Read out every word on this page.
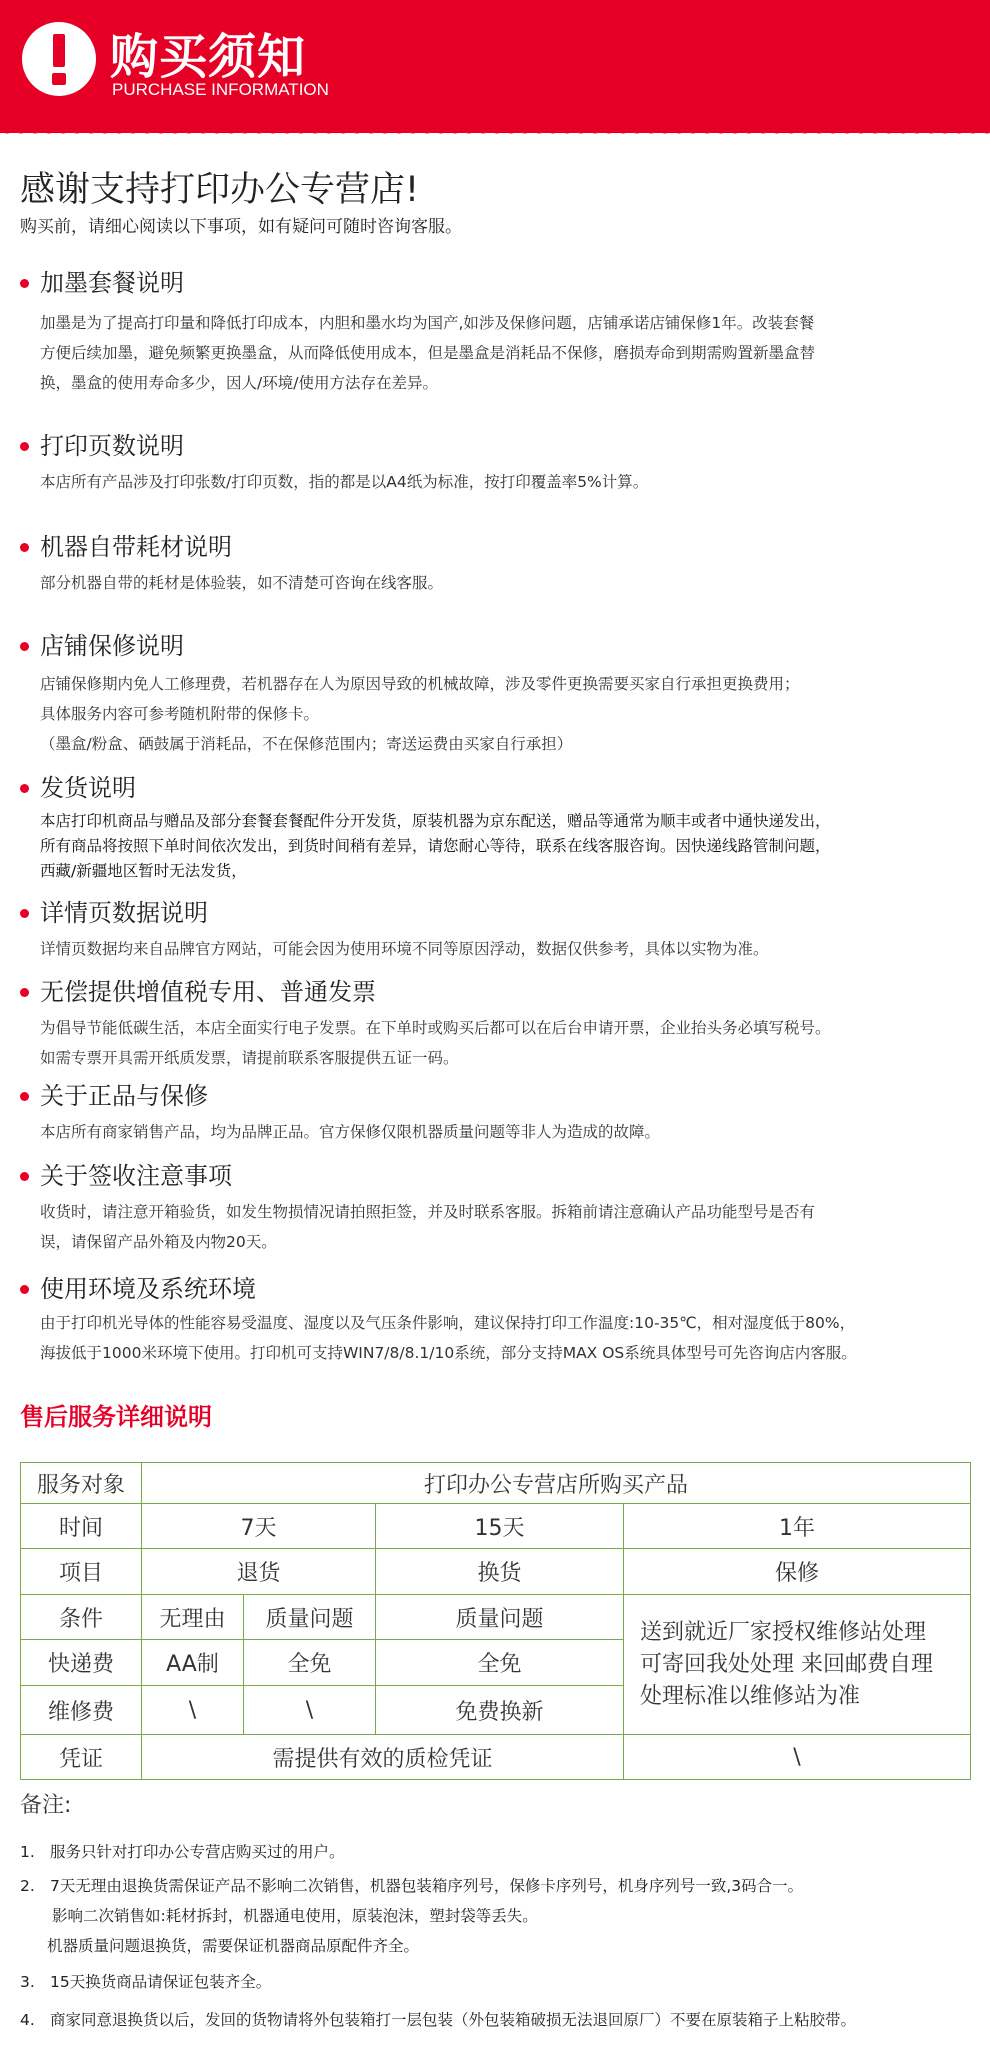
购买须知
PURCHASE INFORMATION
感谢支持打印办公专营店!
购买前，请细心阅读以下事项，如有疑问可随时咨询客服。
加墨套餐说明
加墨是为了提高打印量和降低打印成本，内胆和墨水均为国产,如涉及保修问题，店铺承诺店铺保修1年。改装套餐
方便后续加墨，避免频繁更换墨盒，从而降低使用成本，但是墨盒是消耗品不保修，磨损寿命到期需购置新墨盒替
换，墨盒的使用寿命多少，因人/环境/使用方法存在差异。
打印页数说明
本店所有产品涉及打印张数/打印页数，指的都是以A4纸为标准，按打印覆盖率5%计算。
机器自带耗材说明
部分机器自带的耗材是体验装，如不清楚可咨询在线客服。
店铺保修说明
店铺保修期内免人工修理费，若机器存在人为原因导致的机械故障，涉及零件更换需要买家自行承担更换费用；
具体服务内容可参考随机附带的保修卡。
（墨盒/粉盒、硒鼓属于消耗品，不在保修范围内；寄送运费由买家自行承担）
发货说明
本店打印机商品与赠品及部分套餐套餐配件分开发货，原装机器为京东配送，赠品等通常为顺丰或者中通快递发出，
所有商品将按照下单时间依次发出，到货时间稍有差异，请您耐心等待，联系在线客服咨询。因快递线路管制问题，
西藏/新疆地区暂时无法发货，
详情页数据说明
详情页数据均来自品牌官方网站，可能会因为使用环境不同等原因浮动，数据仅供参考，具体以实物为准。
无偿提供增值税专用、普通发票
为倡导节能低碳生活，本店全面实行电子发票。在下单时或购买后都可以在后台申请开票，企业抬头务必填写税号。
如需专票开具需开纸质发票，请提前联系客服提供五证一码。
关于正品与保修
本店所有商家销售产品，均为品牌正品。官方保修仅限机器质量问题等非人为造成的故障。
关于签收注意事项
收货时，请注意开箱验货，如发生物损情况请拍照拒签，并及时联系客服。拆箱前请注意确认产品功能型号是否有
误，请保留产品外箱及内物20天。
使用环境及系统环境
由于打印机光导体的性能容易受温度、湿度以及气压条件影响，建议保持打印工作温度:10-35℃，相对湿度低于80%，
海拔低于1000米环境下使用。打印机可支持WIN7/8/8.1/10系统，部分支持MAX OS系统具体型号可先咨询店内客服。
售后服务详细说明
服务对象	打印办公专营店所购买产品			
时间	7天		15天	1年
项目	退货		换货	保修
条件	无理由	质量问题	质量问题	送到就近厂家授权维修站处理
可寄回我处处理 来回邮费自理
处理标准以维修站为准

快递费	AA制	全免	全免	
维修费	\	\	免费换新	
凭证	需提供有效的质检凭证			\
备注:
1. 服务只针对打印办公专营店购买过的用户。
2. 7天无理由退换货需保证产品不影响二次销售，机器包装箱序列号，保修卡序列号，机身序列号一致,3码合一。
影响二次销售如:耗材拆封，机器通电使用，原装泡沫，塑封袋等丢失。
机器质量问题退换货，需要保证机器商品原配件齐全。
3. 15天换货商品请保证包装齐全。
4. 商家同意退换货以后，发回的货物请将外包装箱打一层包装（外包装箱破损无法退回原厂）不要在原装箱子上粘胶带。
